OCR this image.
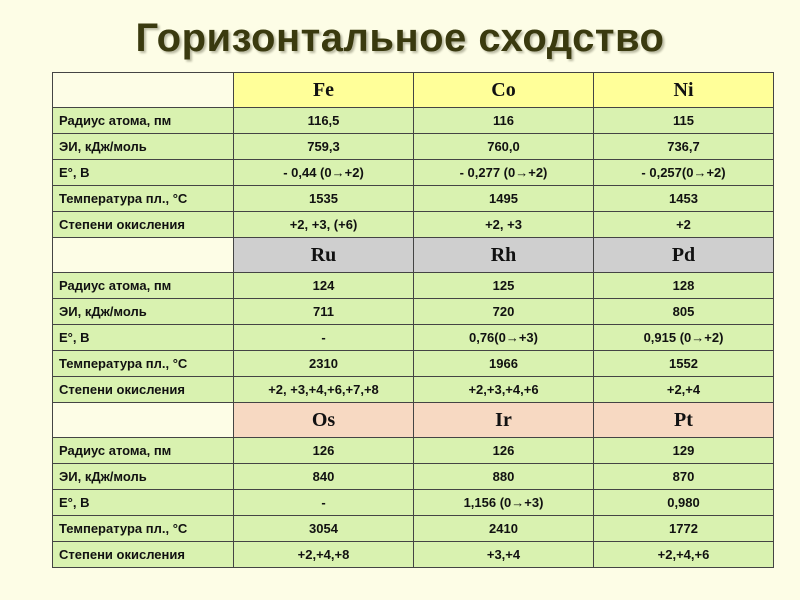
Горизонтальное сходство
	Fe	Co	Ni
Радиус атома, пм	116,5	116	115
ЭИ, кДж/моль	759,3	760,0	736,7
E°, В	- 0,44 (0→+2)	- 0,277 (0→+2)	- 0,257(0→+2)
Температура пл., °С	1535	1495	1453
Степени окисления	+2, +3, (+6)	+2, +3	+2
	Ru	Rh	Pd
Радиус атома, пм	124	125	128
ЭИ, кДж/моль	711	720	805
E°, В	-	0,76(0→+3)	0,915 (0→+2)
Температура пл., °С	2310	1966	1552
Степени окисления	+2, +3,+4,+6,+7,+8	+2,+3,+4,+6	+2,+4
	Os	Ir	Pt
Радиус атома, пм	126	126	129
ЭИ, кДж/моль	840	880	870
E°, В	-	1,156 (0→+3)	0,980
Температура пл., °С	3054	2410	1772
Степени окисления	+2,+4,+8	+3,+4	+2,+4,+6
